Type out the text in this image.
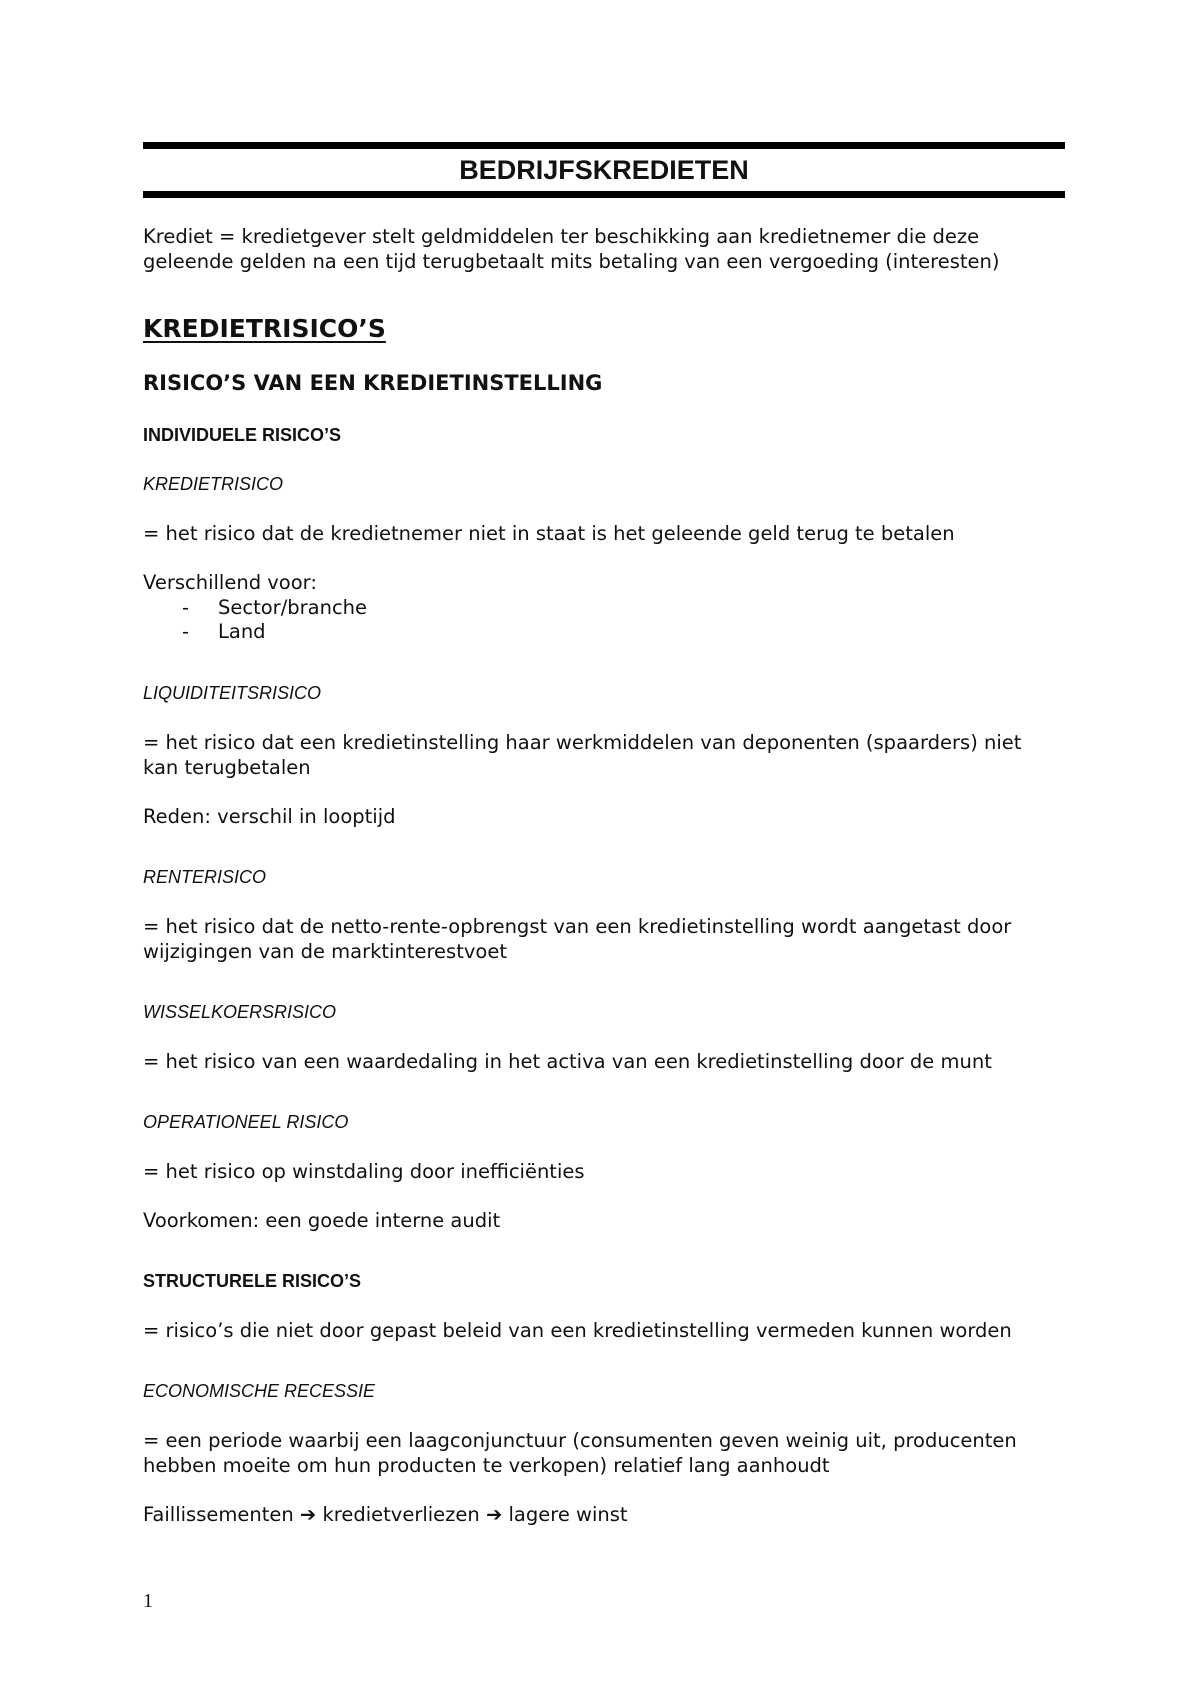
BEDRIJFSKREDIETEN
Krediet = kredietgever stelt geldmiddelen ter beschikking aan kredietnemer die deze
geleende gelden na een tijd terugbetaalt mits betaling van een vergoeding (interesten)
KREDIETRISICO’S
RISICO’S VAN EEN KREDIETINSTELLING
INDIVIDUELE RISICO’S
KREDIETRISICO
= het risico dat de kredietnemer niet in staat is het geleende geld terug te betalen
Verschillend voor:
- Sector/branche
- Land
LIQUIDITEITSRISICO
= het risico dat een kredietinstelling haar werkmiddelen van deponenten (spaarders) niet
kan terugbetalen
Reden: verschil in looptijd
RENTERISICO
= het risico dat de netto-rente-opbrengst van een kredietinstelling wordt aangetast door
wijzigingen van de marktinterestvoet
WISSELKOERSRISICO
= het risico van een waardedaling in het activa van een kredietinstelling door de munt
OPERATIONEEL RISICO
= het risico op winstdaling door inefficiënties
Voorkomen: een goede interne audit
STRUCTURELE RISICO’S
= risico’s die niet door gepast beleid van een kredietinstelling vermeden kunnen worden
ECONOMISCHE RECESSIE
= een periode waarbij een laagconjunctuur (consumenten geven weinig uit, producenten
hebben moeite om hun producten te verkopen) relatief lang aanhoudt
Faillissementen ➔ kredietverliezen ➔ lagere winst
1
